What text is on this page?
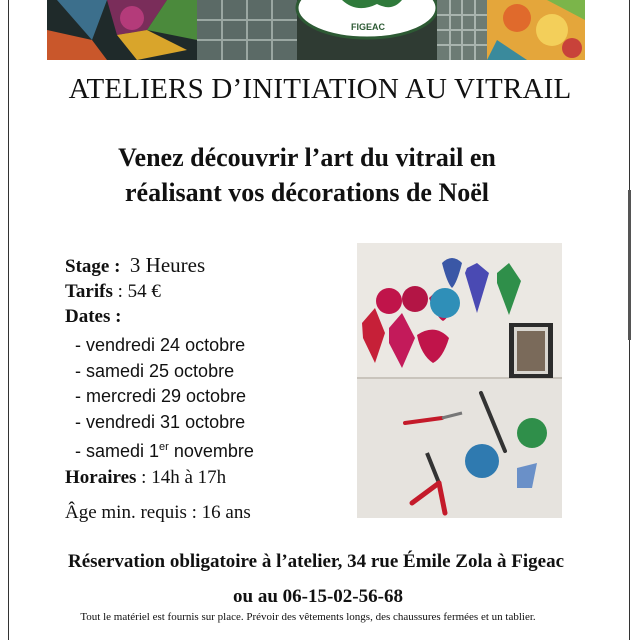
FIGEAC
ATELIERS D’INITIATION AU VITRAIL
Venez découvrir l’art du vitrail en
réalisant vos décorations de Noël
Stage : 3 Heures
Tarifs : 54 €
Dates :
- vendredi 24 octobre
- samedi 25 octobre
- mercredi 29 octobre
- vendredi 31 octobre
- samedi 1er novembre
Horaires : 14h à 17h
Âge min. requis : 16 ans
Réservation obligatoire à l’atelier, 34 rue Émile Zola à Figeac
ou au 06-15-02-56-68
Tout le matériel est fournis sur place. Prévoir des vêtements longs, des chaussures fermées et un tablier.
